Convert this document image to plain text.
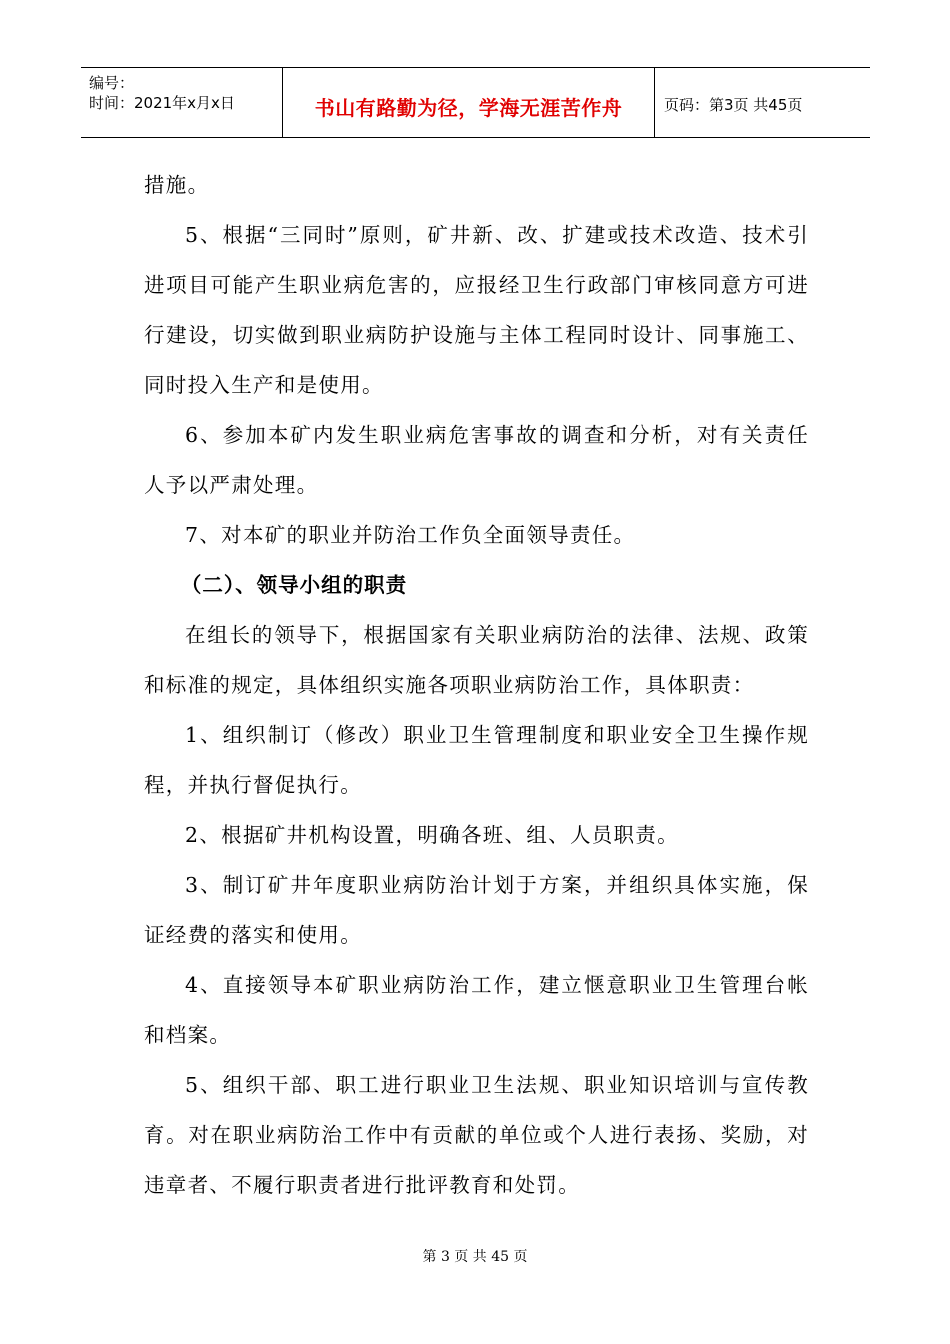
编号：
时间：2021年x月x日	书山有路勤为径，学海无涯苦作舟	页码：第3页 共45页

措施。

5、根据“三同时”原则，矿井新、改、扩建或技术改造、技术引进项目可能产生职业病危害的，应报经卫生行政部门审核同意方可进行建设，切实做到职业病防护设施与主体工程同时设计、同事施工、同时投入生产和是使用。

6、参加本矿内发生职业病危害事故的调查和分析，对有关责任人予以严肃处理。

7、对本矿的职业并防治工作负全面领导责任。

（二）、领导小组的职责

在组长的领导下，根据国家有关职业病防治的法律、法规、政策和标准的规定，具体组织实施各项职业病防治工作，具体职责：

1、组织制订（修改）职业卫生管理制度和职业安全卫生操作规程，并执行督促执行。

2、根据矿井机构设置，明确各班、组、人员职责。

3、制订矿井年度职业病防治计划于方案，并组织具体实施，保证经费的落实和使用。

4、直接领导本矿职业病防治工作，建立惬意职业卫生管理台帐和档案。

5、组织干部、职工进行职业卫生法规、职业知识培训与宣传教育。对在职业病防治工作中有贡献的单位或个人进行表扬、奖励，对违章者、不履行职责者进行批评教育和处罚。

第 3 页 共 45 页
